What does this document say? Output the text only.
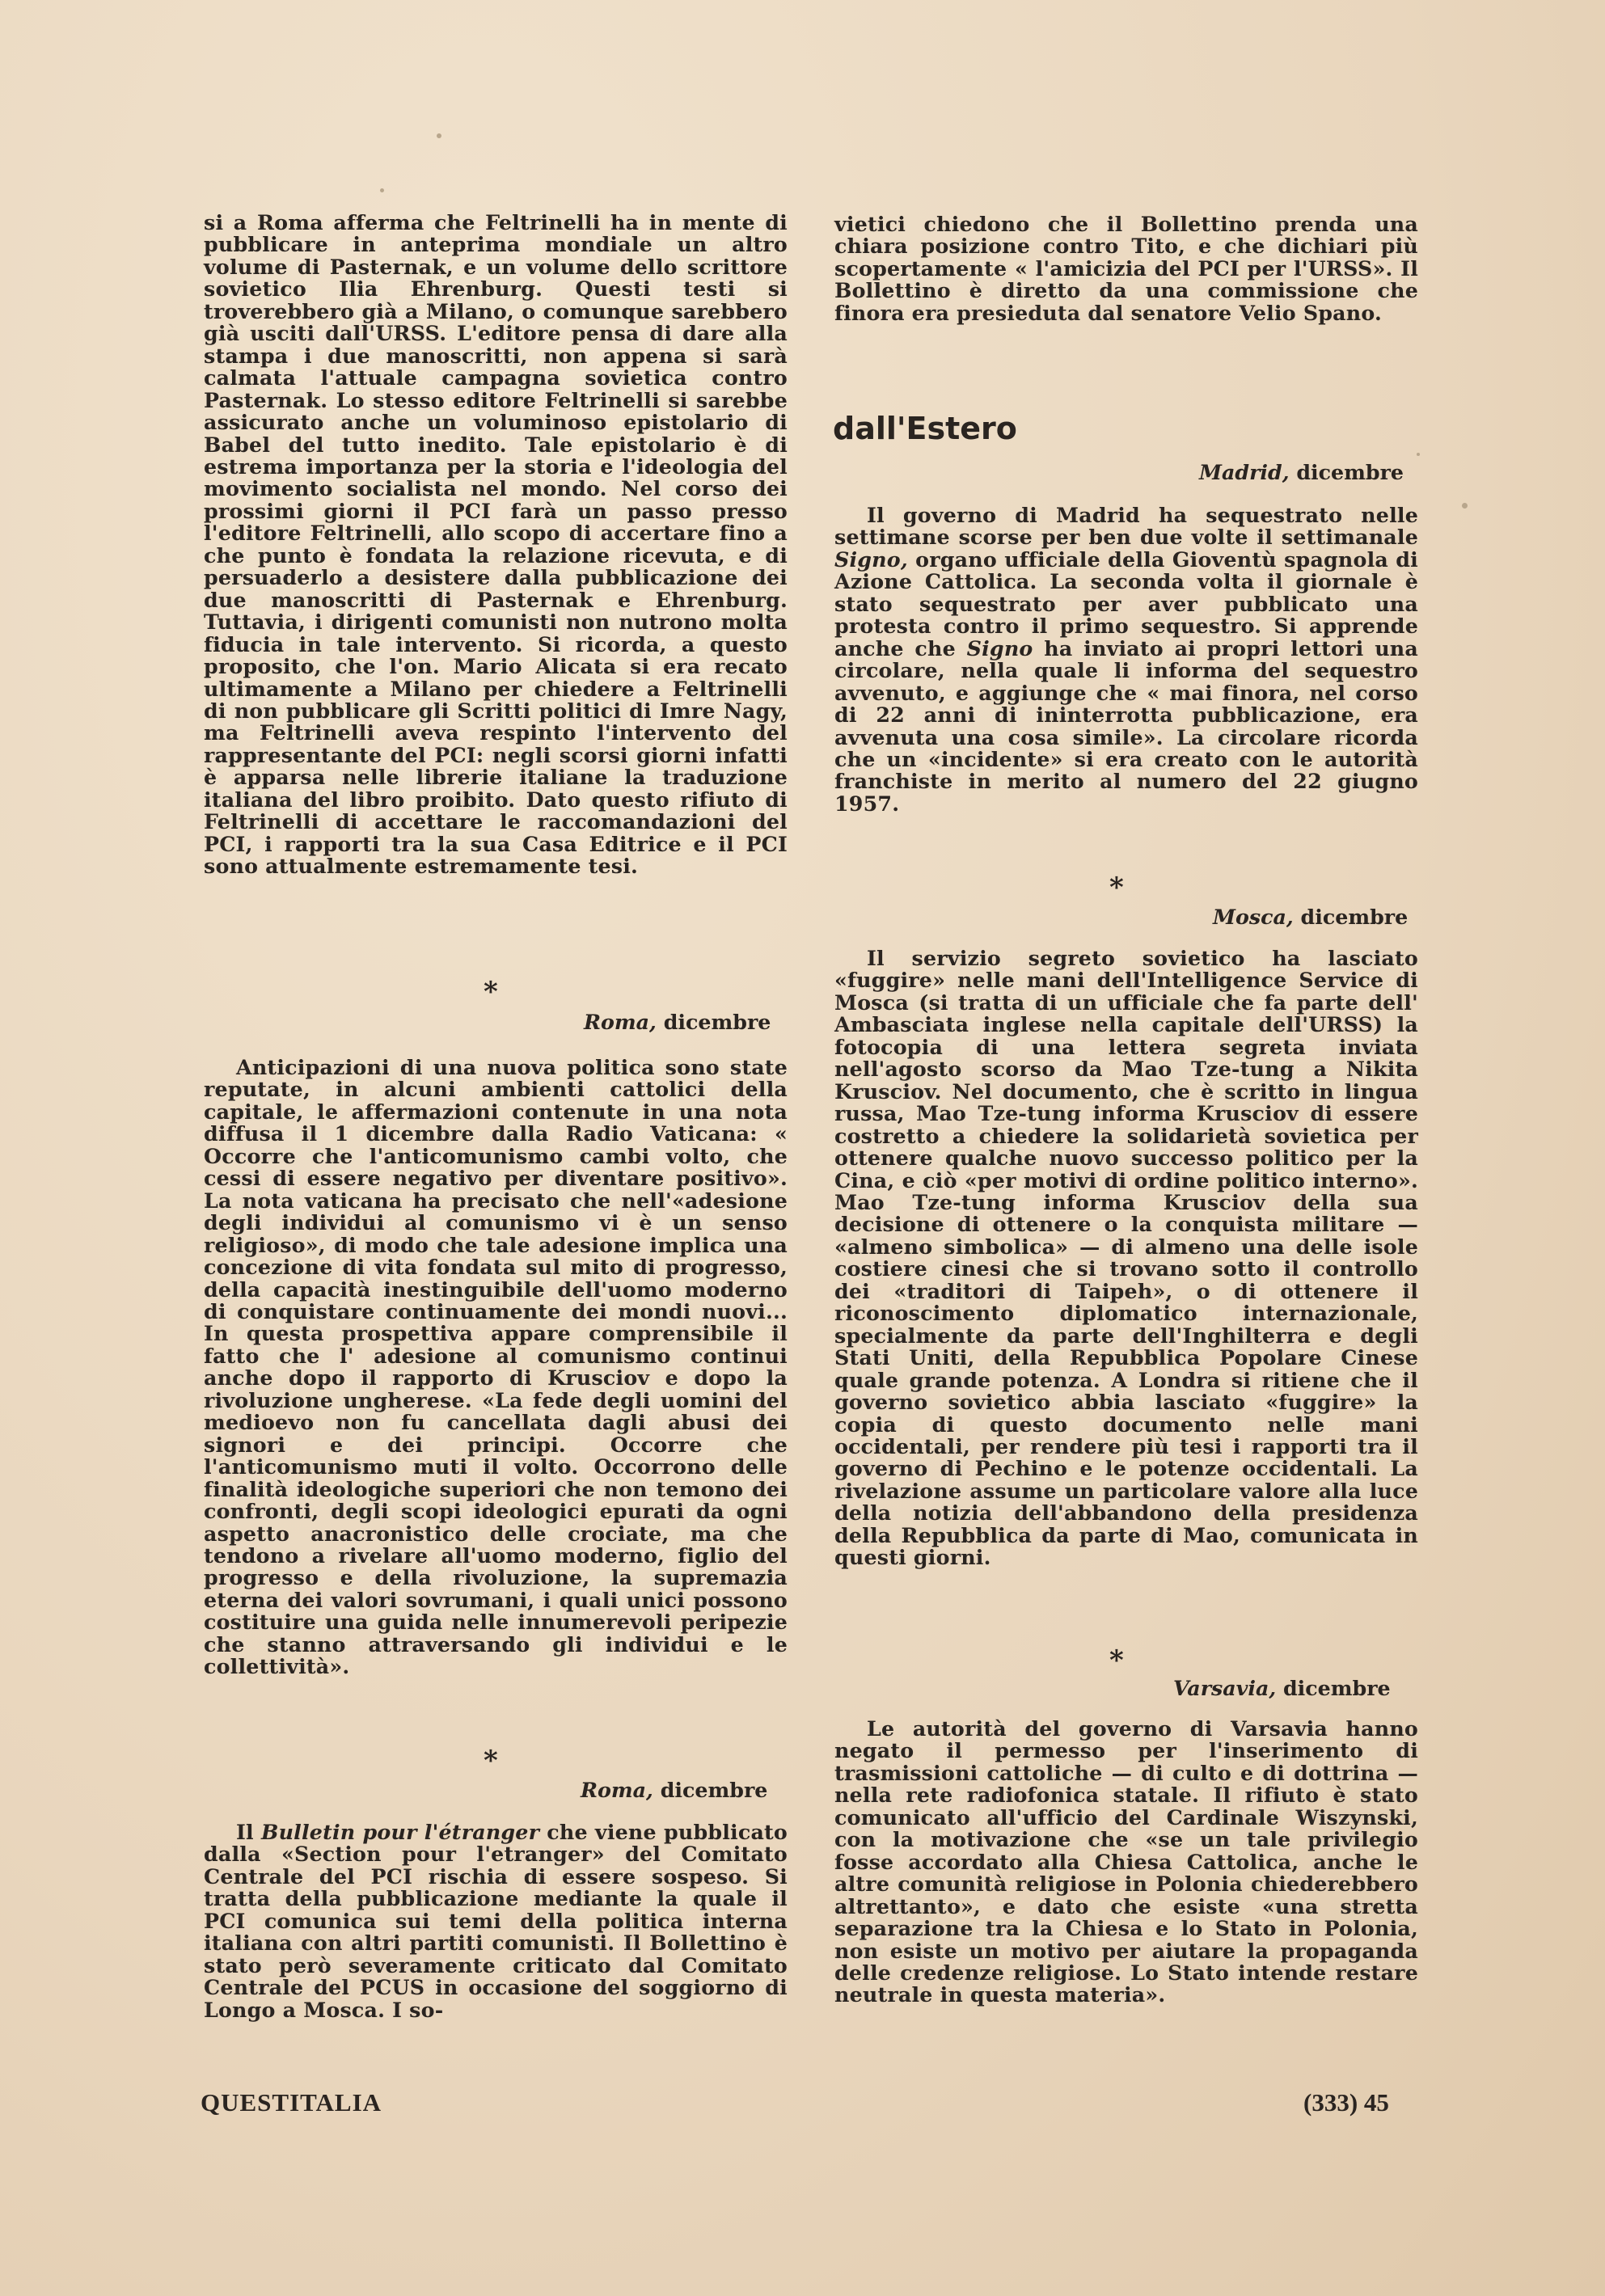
si a Roma afferma che Feltrinelli ha in mente di pubblicare in anteprima mondiale un altro volume di Pasternak, e un volume dello scrittore sovietico Ilia Ehrenburg. Questi testi si troverebbero già a Milano, o comunque sarebbero già usciti dall'URSS. L'editore pensa di dare alla stampa i due manoscritti, non appena si sarà calmata l'attuale campagna sovietica contro Pasternak. Lo stesso editore Feltrinelli si sarebbe assicurato anche un voluminoso epistolario di Babel del tutto inedito. Tale epistolario è di estrema importanza per la storia e l'ideologia del movimento socialista nel mondo. Nel corso dei prossimi giorni il PCI farà un passo presso l'editore Feltrinelli, allo scopo di accertare fino a che punto è fondata la relazione ricevuta, e di persuaderlo a desistere dalla pubblicazione dei due manoscritti di Pasternak e Ehrenburg. Tuttavia, i dirigenti comunisti non nutrono molta fiducia in tale intervento. Si ricorda, a questo proposito, che l'on. Mario Alicata si era recato ultimamente a Milano per chiedere a Feltrinelli di non pubblicare gli Scritti politici di Imre Nagy, ma Feltrinelli aveva respinto l'intervento del rappresentante del PCI: negli scorsi giorni infatti è apparsa nelle librerie italiane la traduzione italiana del libro proibito. Dato questo rifiuto di Feltrinelli di accettare le raccomandazioni del PCI, i rapporti tra la sua Casa Editrice e il PCI sono attualmente estremamente tesi.

*
Roma, dicembre

Anticipazioni di una nuova politica sono state reputate, in alcuni ambienti cattolici della capitale, le affermazioni contenute in una nota diffusa il 1 dicembre dalla Radio Vaticana: « Occorre che l'anticomunismo cambi volto, che cessi di essere negativo per diventare positivo». La nota vaticana ha precisato che nell'«adesione degli individui al comunismo vi è un senso religioso», di modo che tale adesione implica una concezione di vita fondata sul mito di progresso, della capacità inestinguibile dell'uomo moderno di conquistare continuamente dei mondi nuovi... In questa prospettiva appare comprensibile il fatto che l' adesione al comunismo continui anche dopo il rapporto di Krusciov e dopo la rivoluzione ungherese. «La fede degli uomini del medioevo non fu cancellata dagli abusi dei signori e dei principi. Occorre che l'anticomunismo muti il volto. Occorrono delle finalità ideologiche superiori che non temono dei confronti, degli scopi ideologici epurati da ogni aspetto anacronistico delle crociate, ma che tendono a rivelare all'uomo moderno, figlio del progresso e della rivoluzione, la supremazia eterna dei valori sovrumani, i quali unici possono costituire una guida nelle innumerevoli peripezie che stanno attraversando gli individui e le collettività».

*
Roma, dicembre

Il Bulletin pour l'étranger che viene pubblicato dalla «Section pour l'etranger» del Comitato Centrale del PCI rischia di essere sospeso. Si tratta della pubblicazione mediante la quale il PCI comunica sui temi della politica interna italiana con altri partiti comunisti. Il Bollettino è stato però severamente criticato dal Comitato Centrale del PCUS in occasione del soggiorno di Longo a Mosca. I so-

vietici chiedono che il Bollettino prenda una chiara posizione contro Tito, e che dichiari più scopertamente « l'amicizia del PCI per l'URSS». Il Bollettino è diretto da una commissione che finora era presieduta dal senatore Velio Spano.

dall'Estero
Madrid, dicembre

Il governo di Madrid ha sequestrato nelle settimane scorse per ben due volte il settimanale Signo, organo ufficiale della Gioventù spagnola di Azione Cattolica. La seconda volta il giornale è stato sequestrato per aver pubblicato una protesta contro il primo sequestro. Si apprende anche che Signo ha inviato ai propri lettori una circolare, nella quale li informa del sequestro avvenuto, e aggiunge che « mai finora, nel corso di 22 anni di ininterrotta pubblicazione, era avvenuta una cosa simile». La circolare ricorda che un «incidente» si era creato con le autorità franchiste in merito al numero del 22 giugno 1957.

*
Mosca, dicembre

Il servizio segreto sovietico ha lasciato «fuggire» nelle mani dell'Intelligence Service di Mosca (si tratta di un ufficiale che fa parte dell' Ambasciata inglese nella capitale dell'URSS) la fotocopia di una lettera segreta inviata nell'agosto scorso da Mao Tze-tung a Nikita Krusciov. Nel documento, che è scritto in lingua russa, Mao Tze-tung informa Krusciov di essere costretto a chiedere la solidarietà sovietica per ottenere qualche nuovo successo politico per la Cina, e ciò «per motivi di ordine politico interno». Mao Tze-tung informa Krusciov della sua decisione di ottenere o la conquista militare — «almeno simbolica» — di almeno una delle isole costiere cinesi che si trovano sotto il controllo dei «traditori di Taipeh», o di ottenere il riconoscimento diplomatico internazionale, specialmente da parte dell'Inghilterra e degli Stati Uniti, della Repubblica Popolare Cinese quale grande potenza. A Londra si ritiene che il governo sovietico abbia lasciato «fuggire» la copia di questo documento nelle mani occidentali, per rendere più tesi i rapporti tra il governo di Pechino e le potenze occidentali. La rivelazione assume un particolare valore alla luce della notizia dell'abbandono della presidenza della Repubblica da parte di Mao, comunicata in questi giorni.

*
Varsavia, dicembre

Le autorità del governo di Varsavia hanno negato il permesso per l'inserimento di trasmissioni cattoliche — di culto e di dottrina — nella rete radiofonica statale. Il rifiuto è stato comunicato all'ufficio del Cardinale Wiszynski, con la motivazione che «se un tale privilegio fosse accordato alla Chiesa Cattolica, anche le altre comunità religiose in Polonia chiederebbero altrettanto», e dato che esiste «una stretta separazione tra la Chiesa e lo Stato in Polonia, non esiste un motivo per aiutare la propaganda delle credenze religiose. Lo Stato intende restare neutrale in questa materia».

QUESTITALIA	(333) 45
